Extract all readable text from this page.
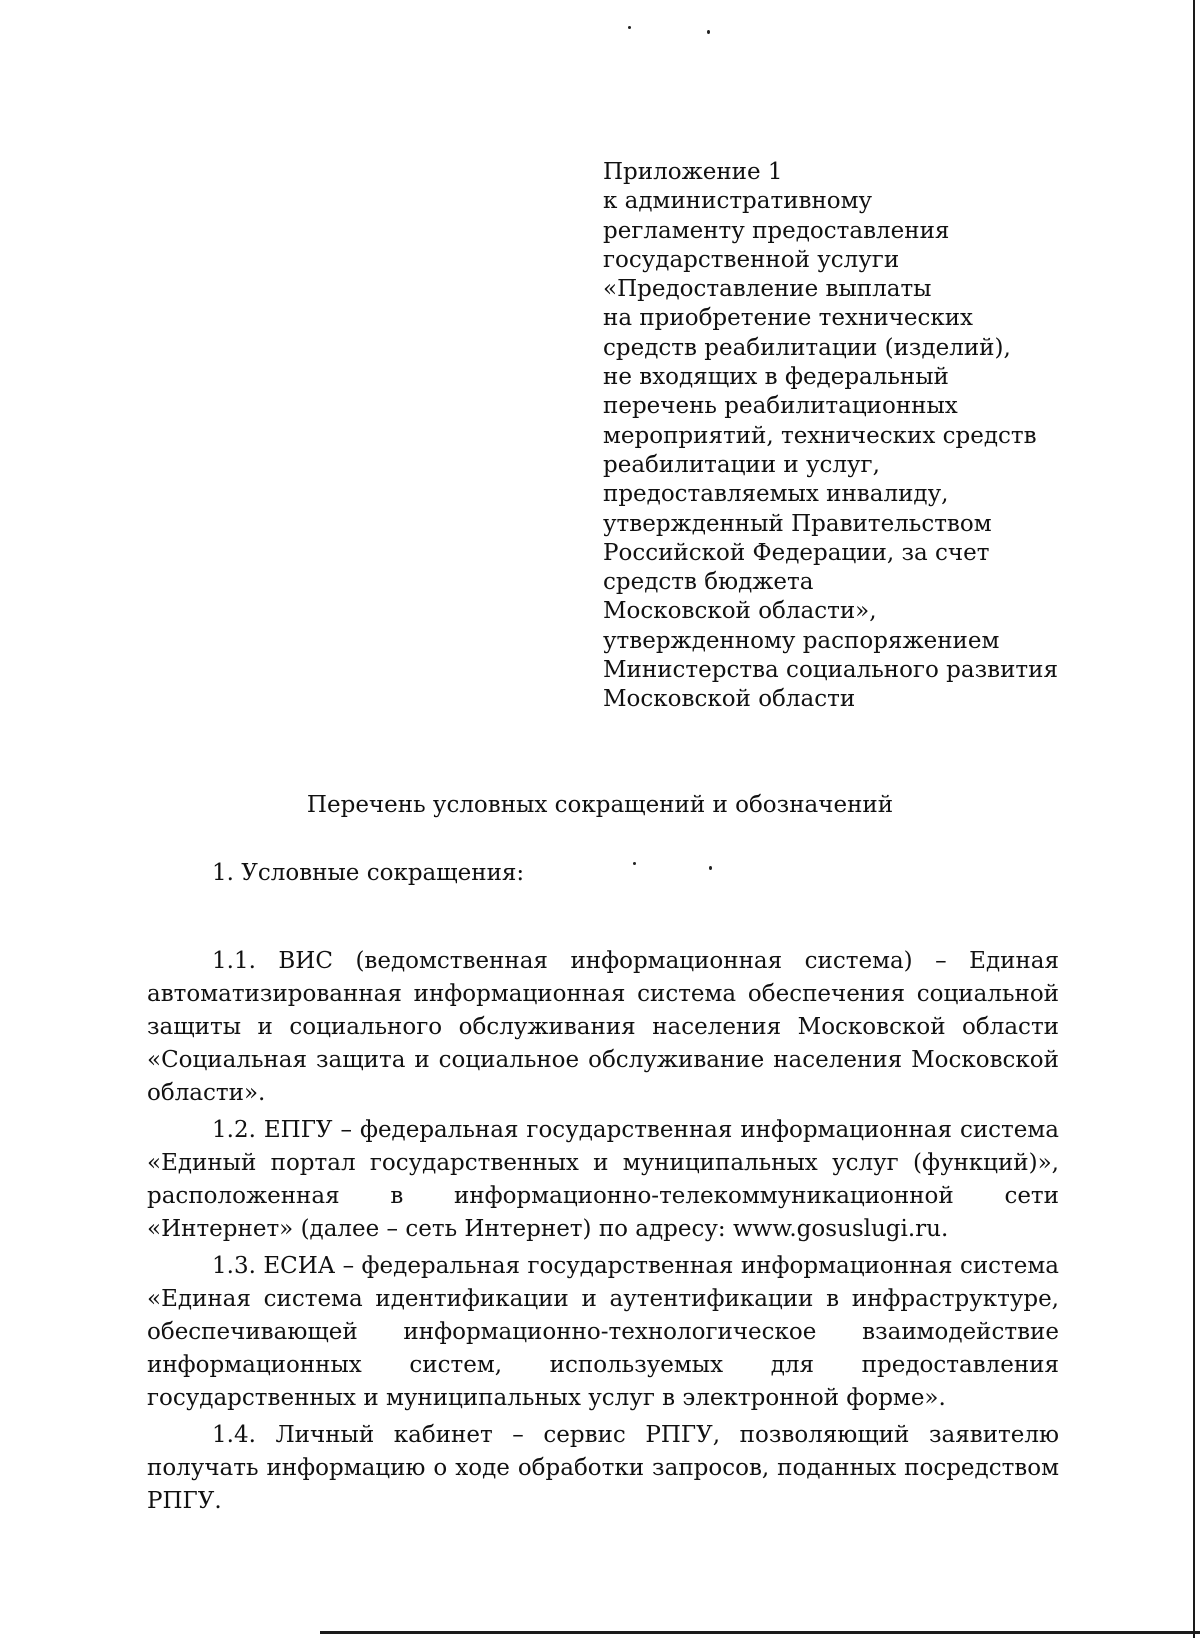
Приложение 1
к административному
регламенту предоставления
государственной услуги
«Предоставление выплаты
на приобретение технических
средств реабилитации (изделий),
не входящих в федеральный
перечень реабилитационных
мероприятий, технических средств
реабилитации и услуг,
предоставляемых инвалиду,
утвержденный Правительством
Российской Федерации, за счет
средств бюджета
Московской области»,
утвержденному распоряжением
Министерства социального развития
Московской области
Перечень условных сокращений и обозначений
1. Условные сокращения:

1.1. ВИС (ведомственная информационная система) – Единая автоматизированная информационная система обеспечения социальной защиты и социального обслуживания населения Московской области «Социальная защита и социальное обслуживание населения Московской области».

1.2. ЕПГУ – федеральная государственная информационная система «Единый портал государственных и муниципальных услуг (функций)», расположенная в информационно-телекоммуникационной сети «Интернет» (далее – сеть Интернет) по адресу: www.gosuslugi.ru.

1.3. ЕСИА – федеральная государственная информационная система «Единая система идентификации и аутентификации в инфраструктуре, обеспечивающей информационно-технологическое взаимодействие информационных систем, используемых для предоставления государственных и муниципальных услуг в электронной форме».

1.4. Личный кабинет – сервис РПГУ, позволяющий заявителю получать информацию о ходе обработки запросов, поданных посредством РПГУ.
